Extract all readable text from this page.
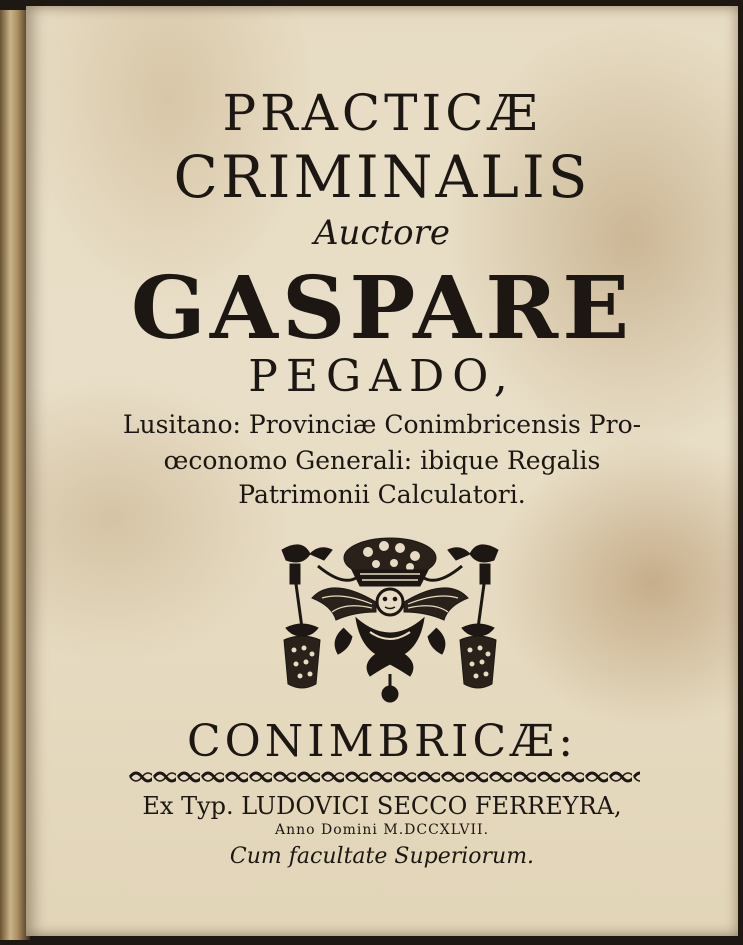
PRACTICÆ
CRIMINALIS
Auctore
GASPARE
PEGADO,
Lusitano: Provinciæ Conimbricensis Pro-
œconomo Generali: ibique Regalis
Patrimonii Calculatori.
CONIMBRICÆ:
Ex Typ. LUDOVICI SECCO FERREYRA,
Anno Domini M.DCCXLVII.
Cum facultate Superiorum.
